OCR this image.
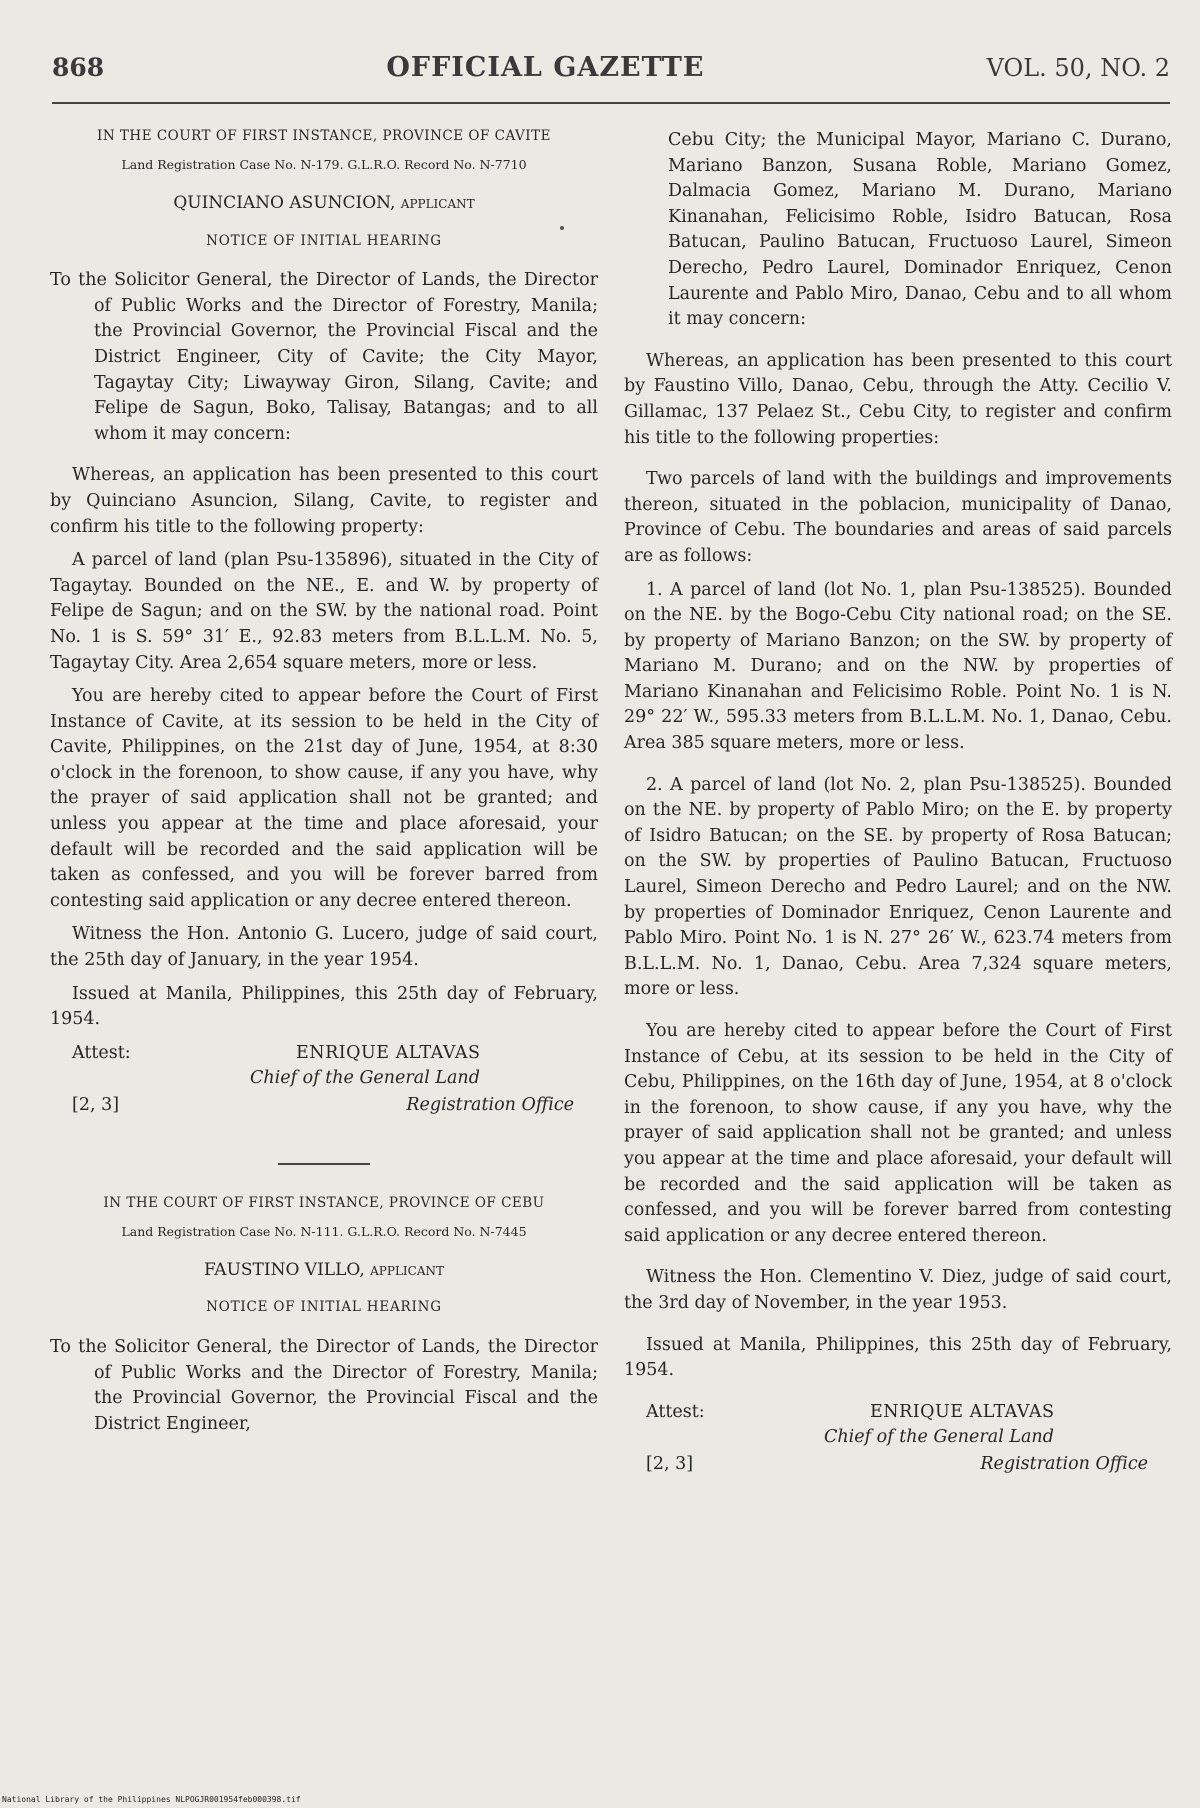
868	OFFICIAL GAZETTE	VOL. 50, NO. 2
IN THE COURT OF FIRST INSTANCE, PROVINCE OF CAVITE
Land Registration Case No. N-179. G.L.R.O. Record No. N-7710
QUINCIANO ASUNCION, applicant
NOTICE OF INITIAL HEARING

To the Solicitor General, the Director of Lands, the Director of Public Works and the Director of Forestry, Manila; the Provincial Governor, the Provincial Fiscal and the District Engineer, City of Cavite; the City Mayor, Tagaytay City; Liwayway Giron, Silang, Cavite; and Felipe de Sagun, Boko, Talisay, Batangas; and to all whom it may concern:

Whereas, an application has been presented to this court by Quinciano Asuncion, Silang, Cavite, to register and confirm his title to the following property:

A parcel of land (plan Psu-135896), situated in the City of Tagaytay. Bounded on the NE., E. and W. by property of Felipe de Sagun; and on the SW. by the national road. Point No. 1 is S. 59° 31′ E., 92.83 meters from B.L.L.M. No. 5, Tagaytay City. Area 2,654 square meters, more or less.

You are hereby cited to appear before the Court of First Instance of Cavite, at its session to be held in the City of Cavite, Philippines, on the 21st day of June, 1954, at 8:30 o'clock in the forenoon, to show cause, if any you have, why the prayer of said application shall not be granted; and unless you appear at the time and place aforesaid, your default will be recorded and the said application will be taken as confessed, and you will be forever barred from contesting said application or any decree entered thereon.

Witness the Hon. Antonio G. Lucero, judge of said court, the 25th day of January, in the year 1954.

Issued at Manila, Philippines, this 25th day of February, 1954.

Attest:	ENRIQUE ALTAVAS
Chief of the General Land
[2, 3]	Registration Office
IN THE COURT OF FIRST INSTANCE, PROVINCE OF CEBU
Land Registration Case No. N-111. G.L.R.O. Record No. N-7445
FAUSTINO VILLO, applicant
NOTICE OF INITIAL HEARING

To the Solicitor General, the Director of Lands, the Director of Public Works and the Director of Forestry, Manila; the Provincial Governor, the Provincial Fiscal and the District Engineer,

Cebu City; the Municipal Mayor, Mariano C. Durano, Mariano Banzon, Susana Roble, Mariano Gomez, Dalmacia Gomez, Mariano M. Durano, Mariano Kinanahan, Felicisimo Roble, Isidro Batucan, Rosa Batucan, Paulino Batucan, Fructuoso Laurel, Simeon Derecho, Pedro Laurel, Dominador Enriquez, Cenon Laurente and Pablo Miro, Danao, Cebu and to all whom it may concern:

Whereas, an application has been presented to this court by Faustino Villo, Danao, Cebu, through the Atty. Cecilio V. Gillamac, 137 Pelaez St., Cebu City, to register and confirm his title to the following properties:

Two parcels of land with the buildings and improvements thereon, situated in the poblacion, municipality of Danao, Province of Cebu. The boundaries and areas of said parcels are as follows:

1. A parcel of land (lot No. 1, plan Psu-138525). Bounded on the NE. by the Bogo-Cebu City national road; on the SE. by property of Mariano Banzon; on the SW. by property of Mariano M. Durano; and on the NW. by properties of Mariano Kinanahan and Felicisimo Roble. Point No. 1 is N. 29° 22′ W., 595.33 meters from B.L.L.M. No. 1, Danao, Cebu. Area 385 square meters, more or less.

2. A parcel of land (lot No. 2, plan Psu-138525). Bounded on the NE. by property of Pablo Miro; on the E. by property of Isidro Batucan; on the SE. by property of Rosa Batucan; on the SW. by properties of Paulino Batucan, Fructuoso Laurel, Simeon Derecho and Pedro Laurel; and on the NW. by properties of Dominador Enriquez, Cenon Laurente and Pablo Miro. Point No. 1 is N. 27° 26′ W., 623.74 meters from B.L.L.M. No. 1, Danao, Cebu. Area 7,324 square meters, more or less.

You are hereby cited to appear before the Court of First Instance of Cebu, at its session to be held in the City of Cebu, Philippines, on the 16th day of June, 1954, at 8 o'clock in the forenoon, to show cause, if any you have, why the prayer of said application shall not be granted; and unless you appear at the time and place aforesaid, your default will be recorded and the said application will be taken as confessed, and you will be forever barred from contesting said application or any decree entered thereon.

Witness the Hon. Clementino V. Diez, judge of said court, the 3rd day of November, in the year 1953.

Issued at Manila, Philippines, this 25th day of February, 1954.

Attest:	ENRIQUE ALTAVAS
Chief of the General Land
[2, 3]	Registration Office
National Library of the Philippines NLPOGJR001954feb000398.tif
